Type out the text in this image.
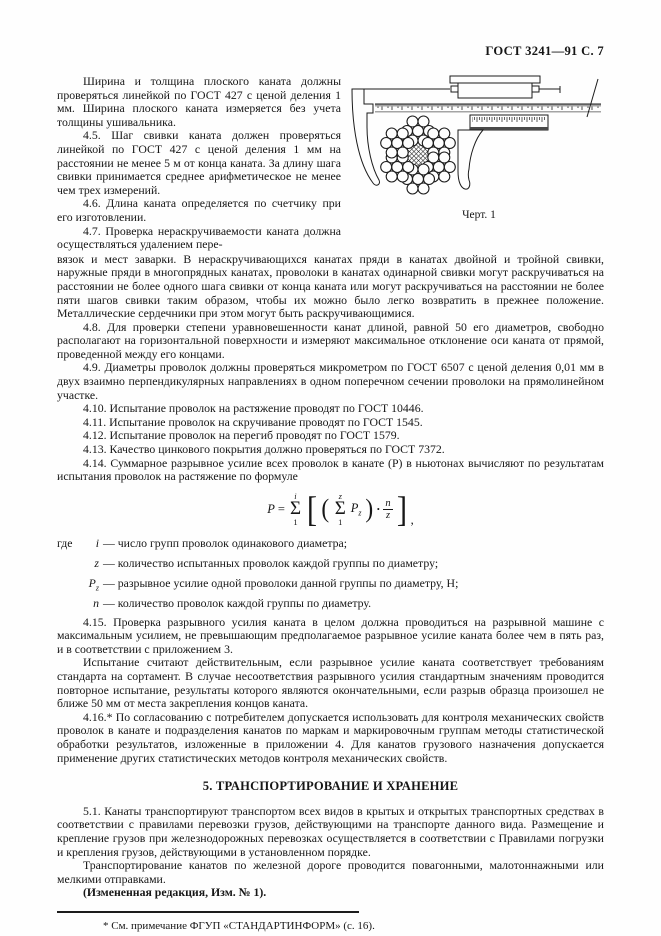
ГОСТ 3241—91 С. 7

Ширина и толщина плоского каната должны проверяться линейкой по ГОСТ 427 с ценой деления 1 мм. Ширина плоского каната измеряется без учета толщины ушивальника.

4.5. Шаг свивки каната должен проверяться линейкой по ГОСТ 427 с ценой деления 1 мм на расстоянии не менее 5 м от конца каната. За длину шага свивки принимается среднее арифметическое не менее чем трех измерений.

4.6. Длина каната определяется по счетчику при его изготовлении.

4.7. Проверка нераскручиваемости каната должна осуществляться удалением пере-

Черт. 1

вязок и мест заварки. В нераскручивающихся канатах пряди в канатах двойной и тройной свивки, наружные пряди в многопрядных канатах, проволоки в канатах одинарной свивки могут раскручиваться на расстоянии не более одного шага свивки от конца каната или могут раскручиваться на расстоянии не более пяти шагов свивки таким образом, чтобы их можно было легко возвратить в прежнее положение. Металлические сердечники при этом могут быть раскручивающимися.

4.8. Для проверки степени уравновешенности канат длиной, равной 50 его диаметров, свободно располагают на горизонтальной поверхности и измеряют максимальное отклонение оси каната от прямой, проведенной между его концами.

4.9. Диаметры проволок должны проверяться микрометром по ГОСТ 6507 с ценой деления 0,01 мм в двух взаимно перпендикулярных направлениях в одном поперечном сечении проволоки на прямолинейном участке.

4.10. Испытание проволок на растяжение проводят по ГОСТ 10446.

4.11. Испытание проволок на скручивание проводят по ГОСТ 1545.

4.12. Испытание проволок на перегиб проводят по ГОСТ 1579.

4.13. Качество цинкового покрытия должно проверяться по ГОСТ 7372.

4.14. Суммарное разрывное усилие всех проволок в канате (P) в ньютонах вычисляют по результатам испытания проволок на растяжение по формуле

P =
i
Σ
1 [ ( z
Σ
1
$P_z$ ) · $\frac{n}{z}$ ] ,
где	i — число групп проволок одинакового диаметра;
z — количество испытанных проволок каждой группы по диаметру;
$P_z$ — разрывное усилие одной проволоки данной группы по диаметру, Н;
n — количество проволок каждой группы по диаметру.

4.15. Проверка разрывного усилия каната в целом должна проводиться на разрывной машине с максимальным усилием, не превышающим предполагаемое разрывное усилие каната более чем в пять раз, и в соответствии с приложением 3.

Испытание считают действительным, если разрывное усилие каната соответствует требованиям стандарта на сортамент. В случае несоответствия разрывного усилия стандартным значениям проводится повторное испытание, результаты которого являются окончательными, если разрыв образца произошел не ближе 50 мм от места закрепления концов каната.

4.16.* По согласованию с потребителем допускается использовать для контроля механических свойств проволок в канате и подразделения канатов по маркам и маркировочным группам методы статистической обработки результатов, изложенные в приложении 4. Для канатов грузового назначения допускается применение других статистических методов контроля механических свойств.

5. ТРАНСПОРТИРОВАНИЕ И ХРАНЕНИЕ

5.1. Канаты транспортируют транспортом всех видов в крытых и открытых транспортных средствах в соответствии с правилами перевозки грузов, действующими на транспорте данного вида. Размещение и крепление грузов при железнодорожных перевозках осуществляется в соответствии с Правилами погрузки и крепления грузов, действующими в установленном порядке.

Транспортирование канатов по железной дороге проводится повагонными, малотоннажными или мелкими отправками.

(Измененная редакция, Изм. № 1).

* См. примечание ФГУП «СТАНДАРТИНФОРМ» (с. 16).
